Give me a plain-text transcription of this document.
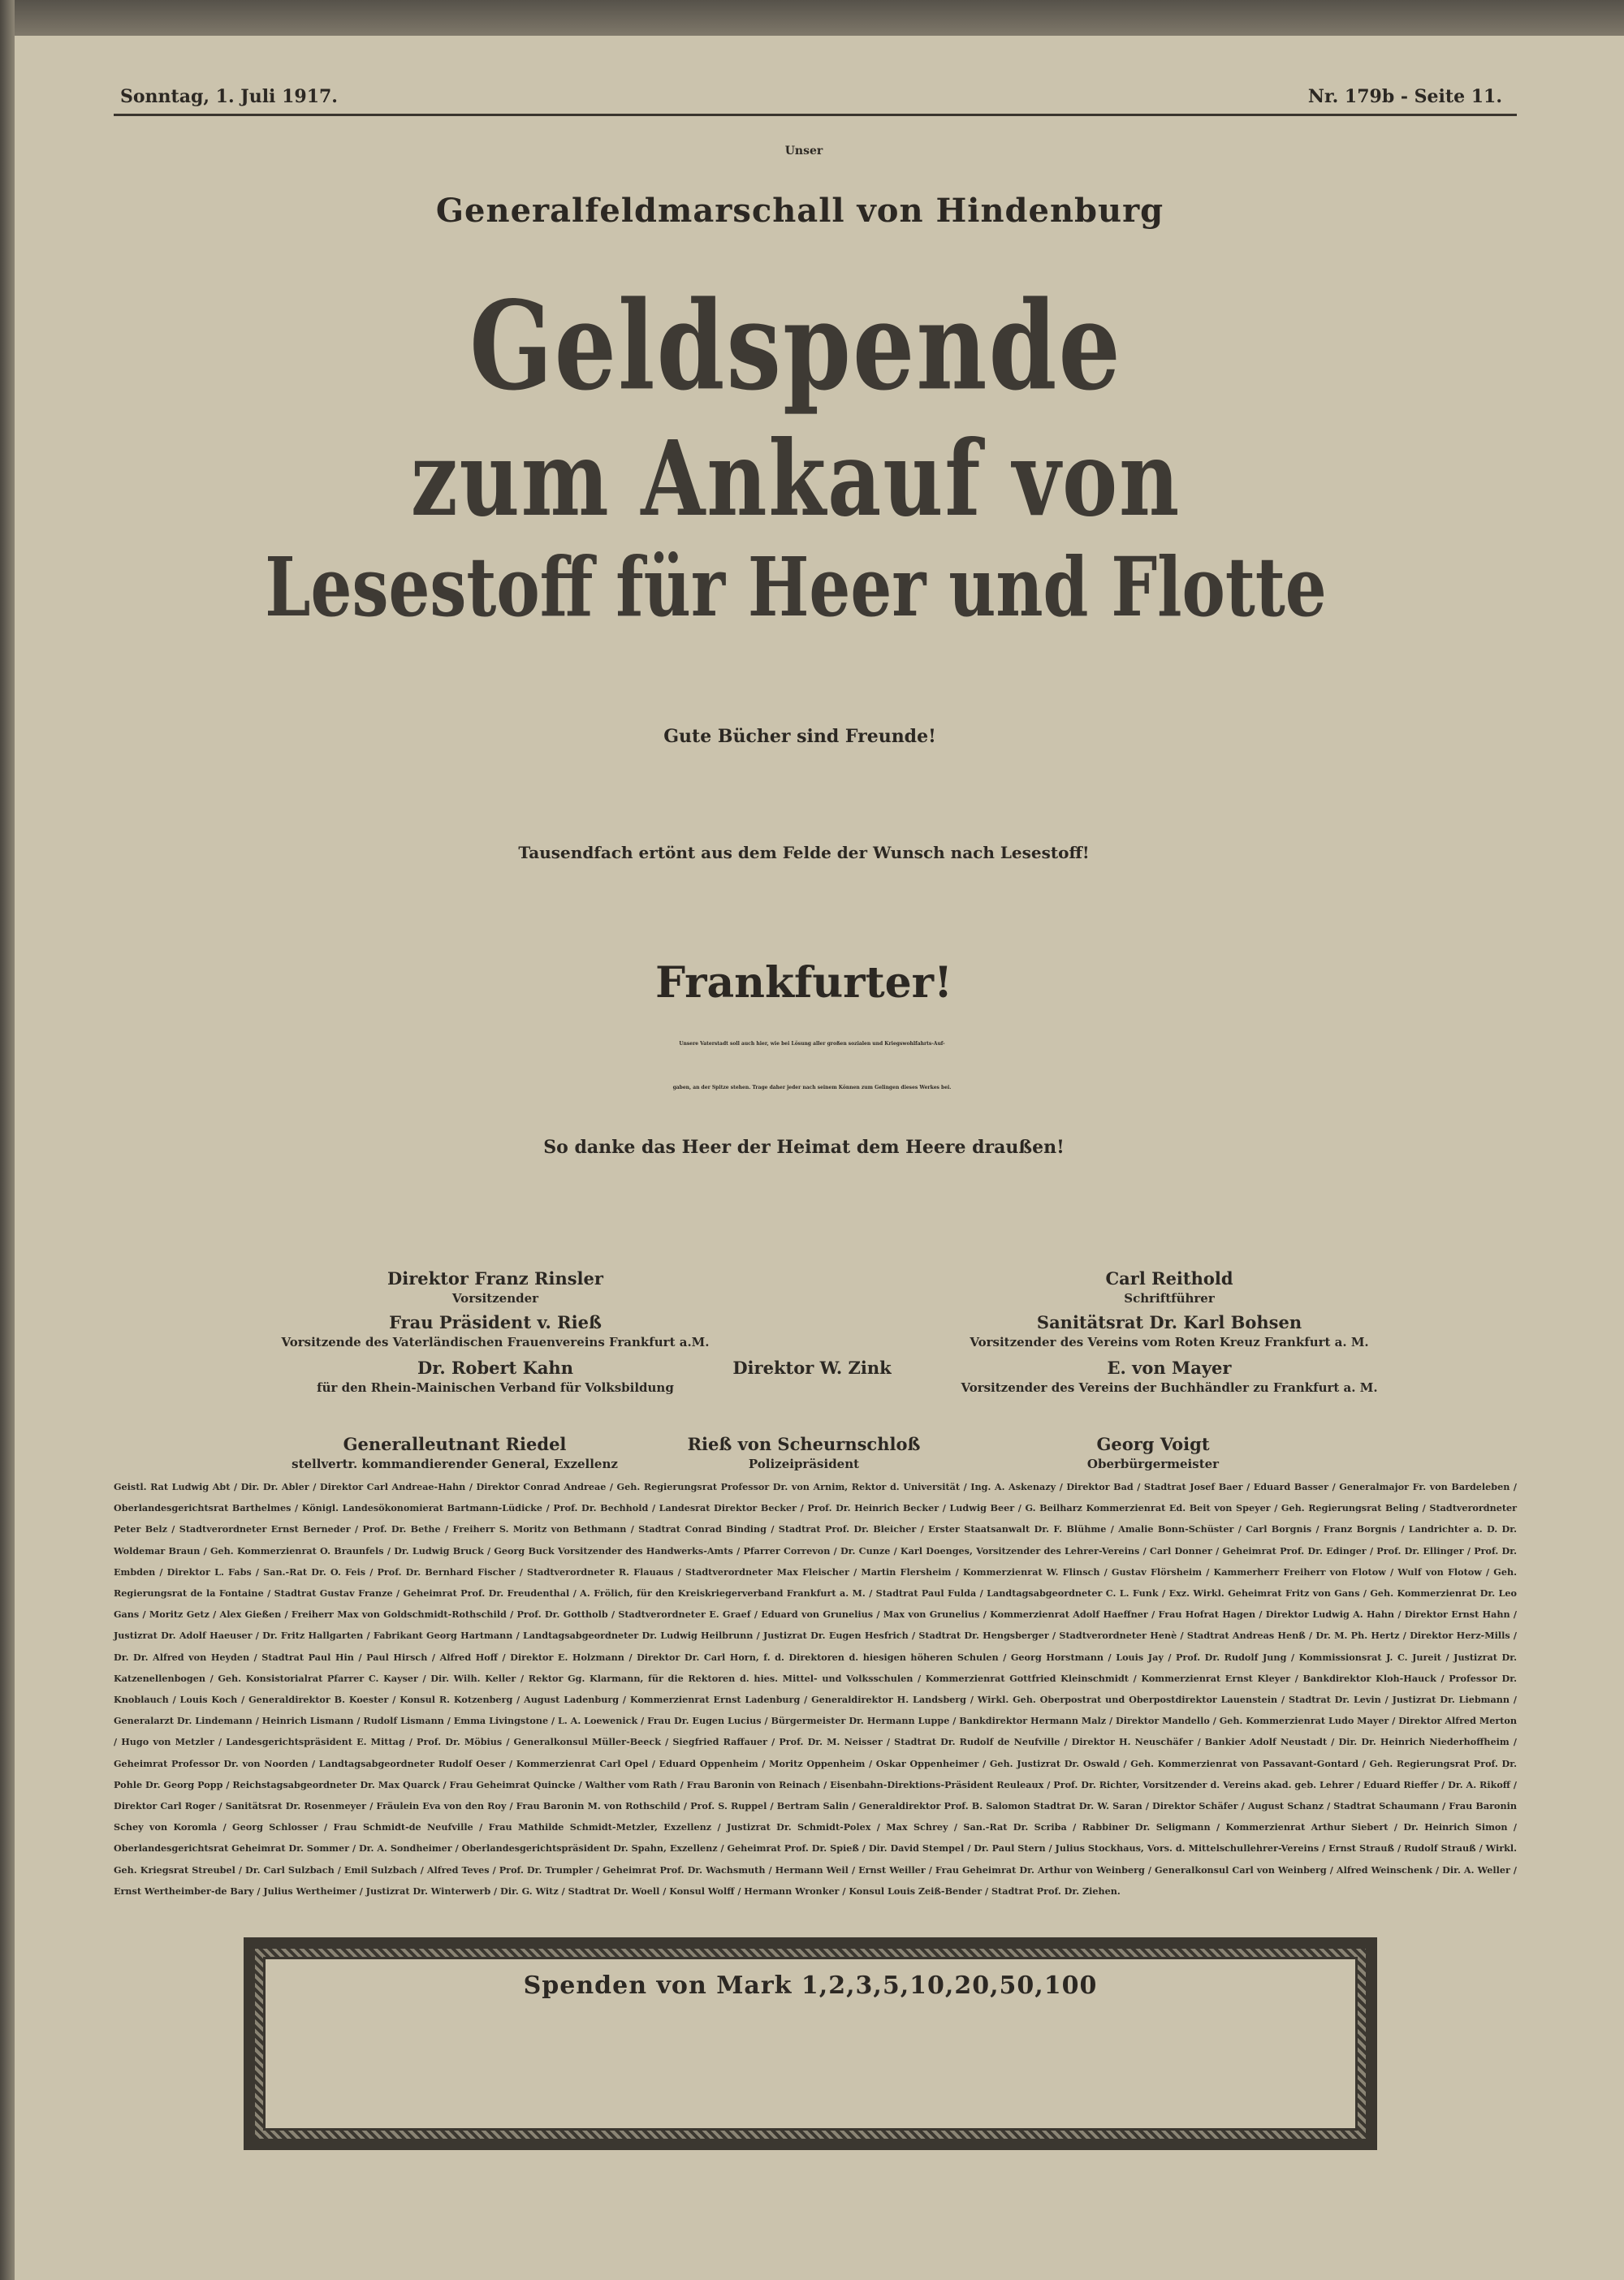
Sonntag, 1. Juli 1917.	Nr. 179b - Seite 11.
Unser
Generalfeldmarschall von Hindenburg
Geldspende
zum Ankauf von
Lesestoff für Heer und Flotte
Gute Bücher sind Freunde!
Tausendfach ertönt aus dem Felde der Wunsch nach Lesestoff!
Frankfurter!
Unsere Vaterstadt soll auch hier, wie bei Lösung aller großen sozialen und Kriegswohlfahrts-Auf-
gaben, an der Spitze stehen. Trage daher jeder nach seinem Können zum Gelingen dieses Werkes bei.
So danke das Heer der Heimat dem Heere draußen!
Direktor Franz Rinsler
Vorsitzender
Carl Reithold
Schriftführer
Frau Präsident v. Rieß
Vorsitzende des Vaterländischen Frauenvereins Frankfurt a.M.
Sanitätsrat Dr. Karl Bohsen
Vorsitzender des Vereins vom Roten Kreuz Frankfurt a. M.
Dr. Robert Kahn
für den Rhein-Mainischen Verband für Volksbildung
Direktor W. Zink	E. von Mayer
Vorsitzender des Vereins der Buchhändler zu Frankfurt a. M.
Generalleutnant Riedel
stellvertr. kommandierender General, Exzellenz
Rieß von Scheurnschloß
Polizeipräsident
Georg Voigt
Oberbürgermeister
Geistl. Rat Ludwig Abt / Dir. Dr. Abler / Direktor Carl Andreae-Hahn / Direktor Conrad Andreae / Geh. Regierungsrat Professor Dr. von Arnim, Rektor d. Universität / Ing. A. Askenazy / Direktor Bad / Stadtrat Josef Baer / Eduard Basser / Generalmajor Fr. von Bardeleben / Oberlandesgerichtsrat Barthelmes / Königl. Landesökonomierat Bartmann-Lüdicke / Prof. Dr. Bechhold / Landesrat Direktor Becker / Prof. Dr. Heinrich Becker / Ludwig Beer / G. Beilharz Kommerzienrat Ed. Beit von Speyer / Geh. Regierungsrat Beling / Stadtverordneter Peter Belz / Stadtverordneter Ernst Berneder / Prof. Dr. Bethe / Freiherr S. Moritz von Bethmann / Stadtrat Conrad Binding / Stadtrat Prof. Dr. Bleicher / Erster Staatsanwalt Dr. F. Blühme / Amalie Bonn-Schüster / Carl Borgnis / Franz Borgnis / Landrichter a. D. Dr. Woldemar Braun / Geh. Kommerzienrat O. Braunfels / Dr. Ludwig Bruck / Georg Buck Vorsitzender des Handwerks-Amts / Pfarrer Correvon / Dr. Cunze / Karl Doenges, Vorsitzender des Lehrer-Vereins / Carl Donner / Geheimrat Prof. Dr. Edinger / Prof. Dr. Ellinger / Prof. Dr. Embden / Direktor L. Fabs / San.-Rat Dr. O. Feis / Prof. Dr. Bernhard Fischer / Stadtverordneter R. Flauaus / Stadtverordneter Max Fleischer / Martin Flersheim / Kommerzienrat W. Flinsch / Gustav Flörsheim / Kammerherr Freiherr von Flotow / Wulf von Flotow / Geh. Regierungsrat de la Fontaine / Stadtrat Gustav Franze / Geheimrat Prof. Dr. Freudenthal / A. Frölich, für den Kreiskriegerverband Frankfurt a. M. / Stadtrat Paul Fulda / Landtagsabgeordneter C. L. Funk / Exz. Wirkl. Geheimrat Fritz von Gans / Geh. Kommerzienrat Dr. Leo Gans / Moritz Getz / Alex Gießen / Freiherr Max von Goldschmidt-Rothschild / Prof. Dr. Gottholb / Stadtverordneter E. Graef / Eduard von Grunelius / Max von Grunelius / Kommerzienrat Adolf Haeffner / Frau Hofrat Hagen / Direktor Ludwig A. Hahn / Direktor Ernst Hahn / Justizrat Dr. Adolf Haeuser / Dr. Fritz Hallgarten / Fabrikant Georg Hartmann / Landtagsabgeordneter Dr. Ludwig Heilbrunn / Justizrat Dr. Eugen Hesfrich / Stadtrat Dr. Hengsberger / Stadtverordneter Henè / Stadtrat Andreas Henß / Dr. M. Ph. Hertz / Direktor Herz-Mills / Dr. Dr. Alfred von Heyden / Stadtrat Paul Hin / Paul Hirsch / Alfred Hoff / Direktor E. Holzmann / Direktor Dr. Carl Horn, f. d. Direktoren d. hiesigen höheren Schulen / Georg Horstmann / Louis Jay / Prof. Dr. Rudolf Jung / Kommissionsrat J. C. Jureit / Justizrat Dr. Katzenellenbogen / Geh. Konsistorialrat Pfarrer C. Kayser / Dir. Wilh. Keller / Rektor Gg. Klarmann, für die Rektoren d. hies. Mittel- und Volksschulen / Kommerzienrat Gottfried Kleinschmidt / Kommerzienrat Ernst Kleyer / Bankdirektor Kloh-Hauck / Professor Dr. Knoblauch / Louis Koch / Generaldirektor B. Koester / Konsul R. Kotzenberg / August Ladenburg / Kommerzienrat Ernst Ladenburg / Generaldirektor H. Landsberg / Wirkl. Geh. Oberpostrat und Oberpostdirektor Lauenstein / Stadtrat Dr. Levin / Justizrat Dr. Liebmann / Generalarzt Dr. Lindemann / Heinrich Lismann / Rudolf Lismann / Emma Livingstone / L. A. Loewenick / Frau Dr. Eugen Lucius / Bürgermeister Dr. Hermann Luppe / Bankdirektor Hermann Malz / Direktor Mandello / Geh. Kommerzienrat Ludo Mayer / Direktor Alfred Merton / Hugo von Metzler / Landesgerichtspräsident E. Mittag / Prof. Dr. Möbius / Generalkonsul Müller-Beeck / Siegfried Raffauer / Prof. Dr. M. Neisser / Stadtrat Dr. Rudolf de Neufville / Direktor H. Neuschäfer / Bankier Adolf Neustadt / Dir. Dr. Heinrich Niederhoffheim / Geheimrat Professor Dr. von Noorden / Landtagsabgeordneter Rudolf Oeser / Kommerzienrat Carl Opel / Eduard Oppenheim / Moritz Oppenheim / Oskar Oppenheimer / Geh. Justizrat Dr. Oswald / Geh. Kommerzienrat von Passavant-Gontard / Geh. Regierungsrat Prof. Dr. Pohle Dr. Georg Popp / Reichstagsabgeordneter Dr. Max Quarck / Frau Geheimrat Quincke / Walther vom Rath / Frau Baronin von Reinach / Eisenbahn-Direktions-Präsident Reuleaux / Prof. Dr. Richter, Vorsitzender d. Vereins akad. geb. Lehrer / Eduard Rieffer / Dr. A. Rikoff / Direktor Carl Roger / Sanitätsrat Dr. Rosenmeyer / Fräulein Eva von den Roy / Frau Baronin M. von Rothschild / Prof. S. Ruppel / Bertram Salin / Generaldirektor Prof. B. Salomon Stadtrat Dr. W. Saran / Direktor Schäfer / August Schanz / Stadtrat Schaumann / Frau Baronin Schey von Koromla / Georg Schlosser / Frau Schmidt-de Neufville / Frau Mathilde Schmidt-Metzler, Exzellenz / Justizrat Dr. Schmidt-Polex / Max Schrey / San.-Rat Dr. Scriba / Rabbiner Dr. Seligmann / Kommerzienrat Arthur Siebert / Dr. Heinrich Simon / Oberlandesgerichtsrat Geheimrat Dr. Sommer / Dr. A. Sondheimer / Oberlandesgerichtspräsident Dr. Spahn, Exzellenz / Geheimrat Prof. Dr. Spieß / Dir. David Stempel / Dr. Paul Stern / Julius Stockhaus, Vors. d. Mittelschullehrer-Vereins / Ernst Strauß / Rudolf Strauß / Wirkl. Geh. Kriegsrat Streubel / Dr. Carl Sulzbach / Emil Sulzbach / Alfred Teves / Prof. Dr. Trumpler / Geheimrat Prof. Dr. Wachsmuth / Hermann Weil / Ernst Weiller / Frau Geheimrat Dr. Arthur von Weinberg / Generalkonsul Carl von Weinberg / Alfred Weinschenk / Dir. A. Weller / Ernst Wertheimber-de Bary / Julius Wertheimer / Justizrat Dr. Winterwerb / Dir. G. Witz / Stadtrat Dr. Woell / Konsul Wolff / Hermann Wronker / Konsul Louis Zeiß-Bender / Stadtrat Prof. Dr. Ziehen.
Spenden von Mark 1,2,3,5,10,20,50,100
